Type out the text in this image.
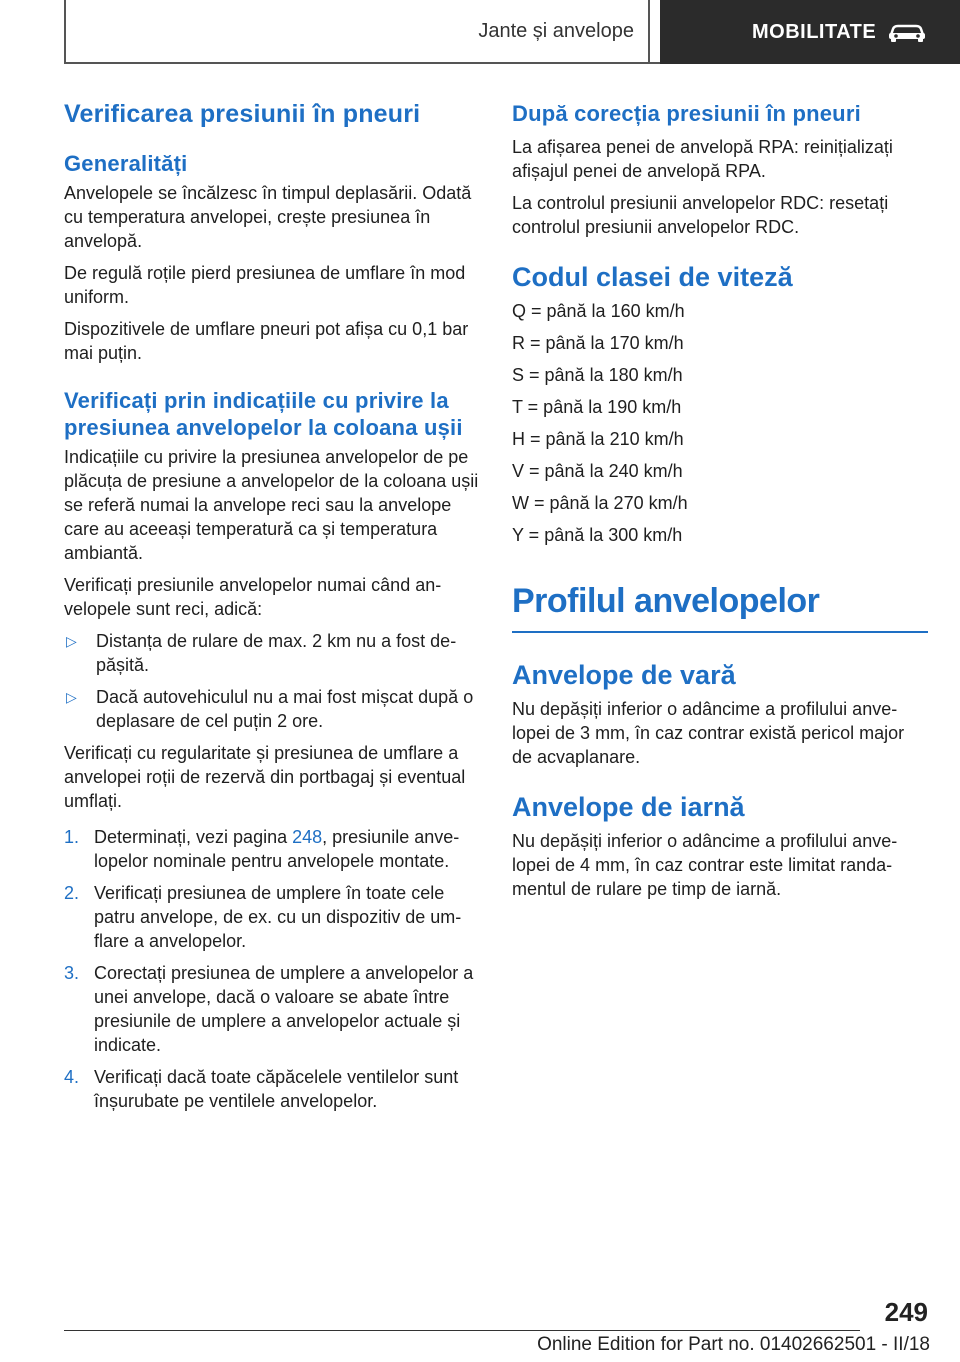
Jante și anvelope	MOBILITATE
Verificarea presiunii în pneuri
Generalități

Anvelopele se încălzesc în timpul deplasării. Odată cu temperatura anvelopei, crește presiunea în anvelopă.

De regulă roțile pierd presiunea de umflare în mod uniform.

Dispozitivele de umflare pneuri pot afișa cu 0,1 bar mai puțin.

Verificați prin indicațiile cu privire la presiunea anvelopelor la coloana ușii

Indicațiile cu privire la presiunea anvelopelor de pe plăcuța de presiune a anvelopelor de la coloana ușii se referă numai la anvelope reci sau la anvelope care au aceeași temperatură ca și temperatura ambiantă.

Verificați presiunile anvelopelor numai când anvelopele sunt reci, adică:

▷	Distanța de rulare de max. 2 km nu a fost depășită.
▷	Dacă autovehiculul nu a mai fost mișcat după o deplasare de cel puțin 2 ore.

Verificați cu regularitate și presiunea de umflare a anvelopei roții de rezervă din portbagaj și eventual umflați.

1. Determinați, vezi pagina 248, presiunile anvelopelor nominale pentru anvelopele montate.
2. Verificați presiunea de umplere în toate cele patru anvelope, de ex. cu un dispozitiv de umflare a anvelopelor.
3. Corectați presiunea de umplere a anvelopelor a unei anvelope, dacă o valoare se abate între presiunile de umplere a anvelopelor actuale și indicate.
4. Verificați dacă toate căpăcelele ventilelor sunt înșurubate pe ventilele anvelopelor.
După corecția presiunii în pneuri

La afișarea penei de anvelopă RPA: reinițializați afișajul penei de anvelopă RPA.

La controlul presiunii anvelopelor RDC: resetați controlul presiunii anvelopelor RDC.

Codul clasei de viteză

Q = până la 160 km/h

R = până la 170 km/h

S = până la 180 km/h

T = până la 190 km/h

H = până la 210 km/h

V = până la 240 km/h

W = până la 270 km/h

Y = până la 300 km/h

Profilul anvelopelor
Anvelope de vară

Nu depășiți inferior o adâncime a profilului anvelopei de 3 mm, în caz contrar există pericol major de acvaplanare.

Anvelope de iarnă

Nu depășiți inferior o adâncime a profilului anvelopei de 4 mm, în caz contrar este limitat randamentul de rulare pe timp de iarnă.

249
Online Edition for Part no. 01402662501 - II/18
